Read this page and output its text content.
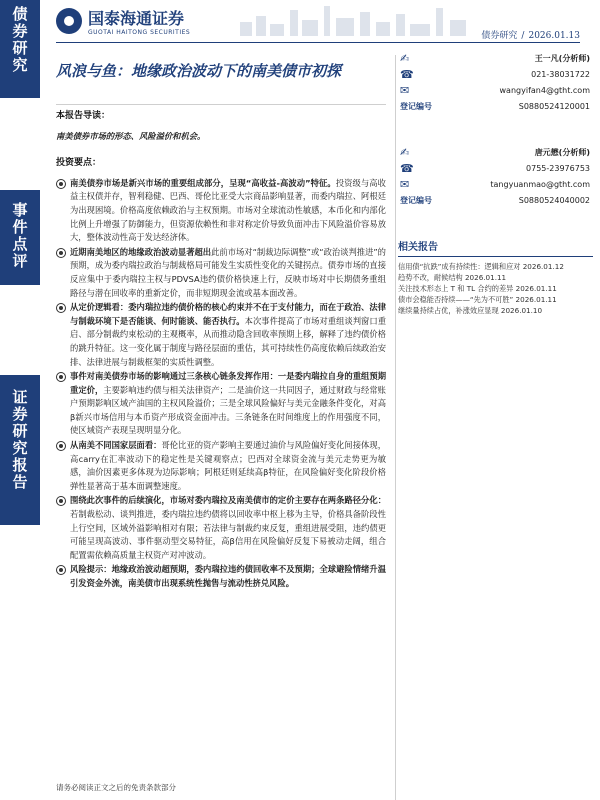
债券研究
事件点评
证券研究报告
国泰海通证券
GUOTAI HAITONG SECURITIES	债券研究 / 2026.01.13
风浪与鱼：地缘政治波动下的南美债市初探
✍	王一凡(分析师)
☎	021-38031722
✉	wangyifan4@gtht.com
登记编号	S0880524120001
✍	唐元懋(分析师)
☎	0755-23976753
✉	tangyuanmao@gtht.com
登记编号	S0880524040002
相关报告
信用债“抗跌”成有持续性：逻辑和应对 2026.01.12
趋势不改，耐候结构 2026.01.11
关注技术形态上 T 和 TL 合约的差异 2026.01.11
债市会稳能否持续——“先为不可胜” 2026.01.11
继续量持续占优，补涨效应显现 2026.01.10
本报告导读：
南美债券市场的形态、风险溢价和机会。
投资要点：
南美债券市场是新兴市场的重要组成部分，呈现“高收益-高波动”特征。投资级与高收益主权债并存，智利稳健、巴西、哥伦比亚受大宗商品影响显著，而委内瑞拉、阿根廷为出现困境。价格高度依赖政治与主权预期。市场对全球流动性敏感，本币化和内部化比例上升增强了防御能力，但资源依赖性和非对称定价导致负面冲击下风险溢价容易放大，整体波动性高于发达经济体。
近期南美地区的地缘政治波动显著超出此前市场对“制裁边际调整”或“政治谈判推进”的预期，成为委内瑞拉政治与制裁格局可能发生实质性变化的关键拐点。债券市场的直接反应集中于委内瑞拉主权与PDVSA违约债价格快速上行，反映市场对中长期债务重组路径与潜在回收率的重新定价，而非短期现金流或基本面改善。
从定价逻辑看：委内瑞拉违约债价格的核心约束并不在于支付能力，而在于政治、法律与制裁环境下是否能谈、何时能谈、能否执行。本次事件提高了市场对重组谈判窗口重启、部分制裁约束松动的主观概率，从而推动隐含回收率预期上移，解释了违约债价格的跳升特征。这一变化属于制度与路径层面的重估，其可持续性仍高度依赖后续政治安排、法律进展与制裁框架的实质性调整。
事件对南美债券市场的影响通过三条核心链条发挥作用：一是委内瑞拉自身的重组预期重定价，主要影响违约债与相关法律资产；二是油价这一共同因子，通过财政与经常账户预期影响区域产油国的主权风险溢价；三是全球风险偏好与美元金融条件变化，对高β新兴市场信用与本币资产形成资金面冲击。三条链条在时间维度上的作用强度不同，使区域资产表现呈现明显分化。
从南美不同国家层面看：哥伦比亚的资产影响主要通过油价与风险偏好变化间接体现，高carry在汇率波动下的稳定性是关键观察点；巴西对全球资金流与美元走势更为敏感，油价因素更多体现为边际影响；阿根廷则延续高β特征，在风险偏好变化阶段价格弹性显著高于基本面调整速度。
围绕此次事件的后续演化，市场对委内瑞拉及南美债市的定价主要存在两条路径分化：若制裁松动、谈判推进，委内瑞拉违约债将以回收率中枢上移为主导，价格具备阶段性上行空间，区域外溢影响相对有限；若法律与制裁约束反复，重组进展受阻，违约债更可能呈现高波动、事件驱动型交易特征，高β信用在风险偏好反复下易被动走阔，组合配置需依赖高质量主权资产对冲波动。
风险提示：地缘政治波动超预期，委内瑞拉违约债回收率不及预期；全球避险情绪升温引发资金外流，南美债市出现系统性抛售与流动性挤兑风险。
请务必阅读正文之后的免责条款部分
